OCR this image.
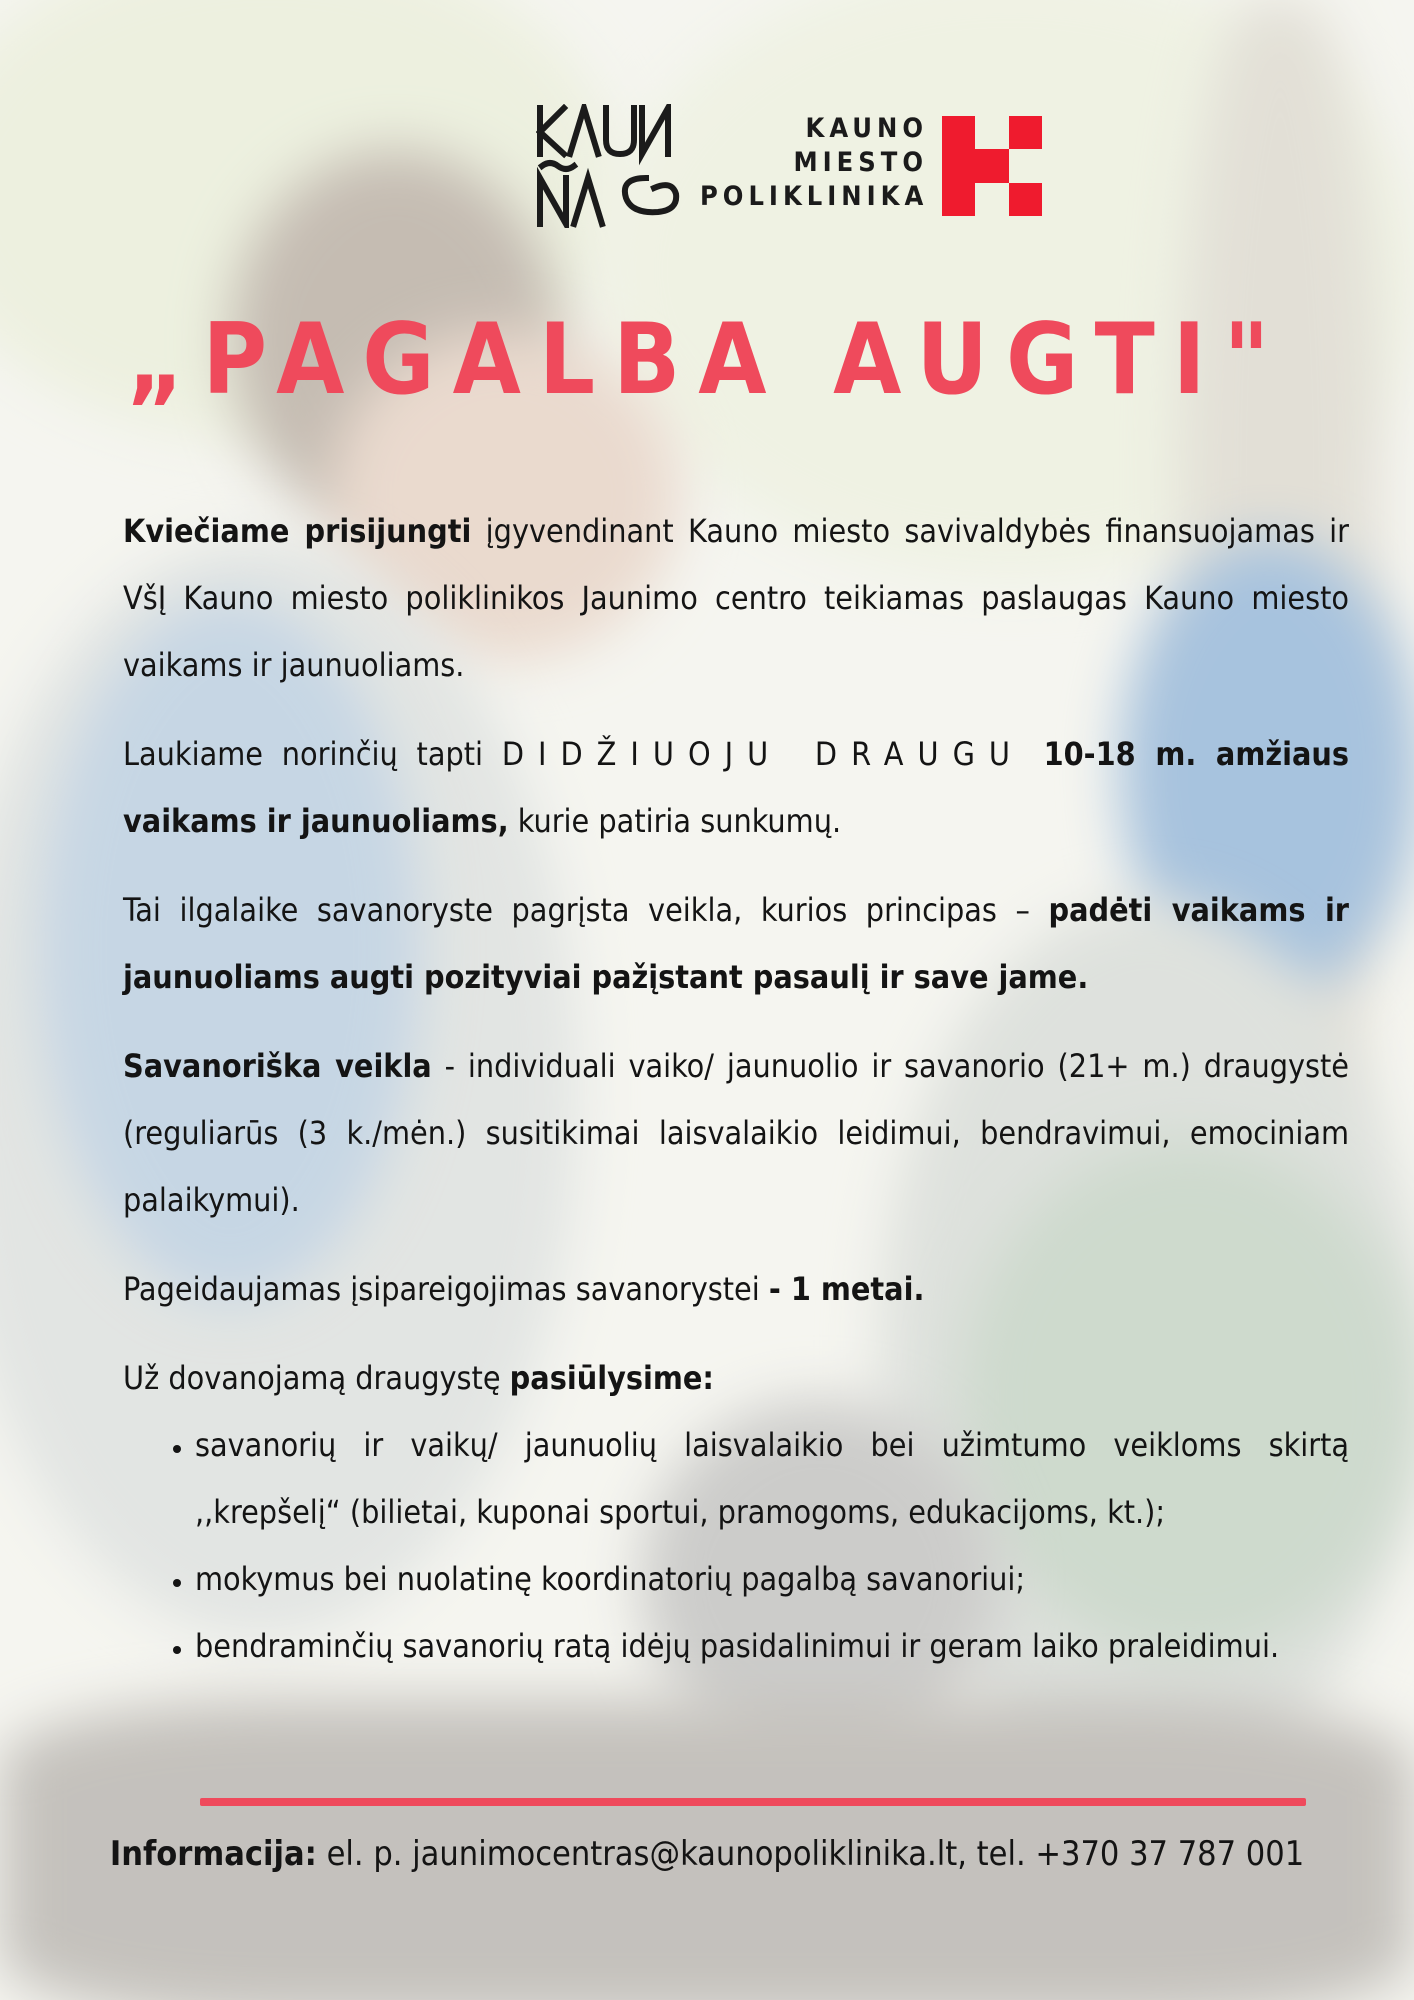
KAUNO
MIESTO
POLIKLINIKA
„PAGALBA AUGTI"

Kviečiame prisijungti įgyvendinant Kauno miesto savivaldybės finansuojamas ir VšĮ Kauno miesto poliklinikos Jaunimo centro teikiamas paslaugas Kauno miesto vaikams ir jaunuoliams.

Laukiame norinčių tapti DIDŽIUOJU DRAUGU 10-18 m. amžiaus vaikams ir jaunuoliams, kurie patiria sunkumų.

Tai ilgalaike savanoryste pagrįsta veikla, kurios principas – padėti vaikams ir jaunuoliams augti pozityviai pažįstant pasaulį ir save jame.

Savanoriška veikla - individuali vaiko/ jaunuolio ir savanorio (21+ m.) draugystė (reguliarūs (3 k./mėn.) susitikimai laisvalaikio leidimui, bendravimui, emociniam palaikymui).

Pageidaujamas įsipareigojimas savanorystei - 1 metai.

Už dovanojamą draugystę pasiūlysime:

• savanorių ir vaikų/ jaunuolių laisvalaikio bei užimtumo veikloms skirtą ,,krepšelį“ (bilietai, kuponai sportui, pramogoms, edukacijoms, kt.);
• mokymus bei nuolatinę koordinatorių pagalbą savanoriui;
• bendraminčių savanorių ratą idėjų pasidalinimui ir geram laiko praleidimui.
Informacija: el. p. jaunimocentras@kaunopoliklinika.lt, tel. +370 37 787 001
